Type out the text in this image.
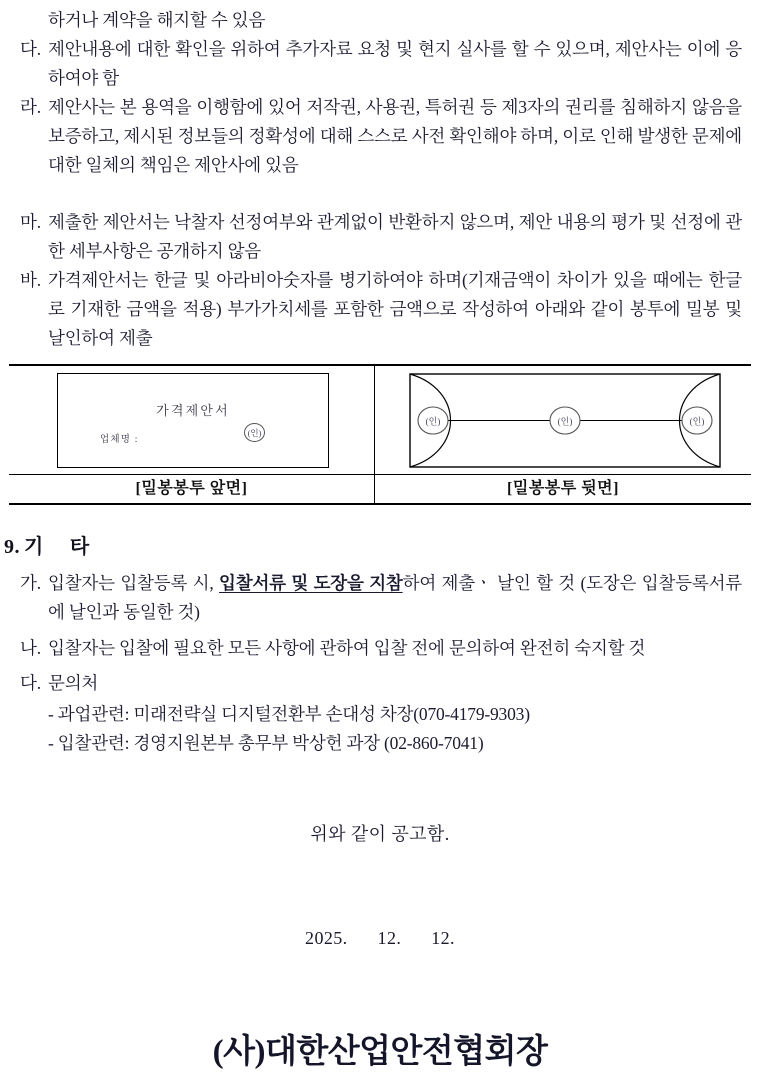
하거나 계약을 해지할 수 있음
다. 제안내용에 대한 확인을 위하여 추가자료 요청 및 현지 실사를 할 수 있으며, 제안사는 이에 응하여야 함
라. 제안사는 본 용역을 이행함에 있어 저작권, 사용권, 특허권 등 제3자의 권리를 침해하지 않음을 보증하고, 제시된 정보들의 정확성에 대해 스스로 사전 확인해야 하며, 이로 인해 발생한 문제에 대한 일체의 책임은 제안사에 있음
마. 제출한 제안서는 낙찰자 선정여부와 관계없이 반환하지 않으며, 제안 내용의 평가 및 선정에 관한 세부사항은 공개하지 않음
바. 가격제안서는 한글 및 아라비아숫자를 병기하여야 하며(기재금액이 차이가 있을 때에는 한글로 기재한 금액을 적용) 부가가치세를 포함한 금액으로 작성하여 아래와 같이 봉투에 밀봉 및 날인하여 제출
가격제안서
업체명 :
(인)
(인)	(인)	(인)
[밀봉봉투 앞면]	[밀봉봉투 뒷면]
9. 기 타
가. 입찰자는 입찰등록 시, 입찰서류 및 도장을 지참하여 제출ㆍ 날인 할 것 (도장은 입찰등록서류에 날인과 동일한 것)
나. 입찰자는 입찰에 필요한 모든 사항에 관하여 입찰 전에 문의하여 완전히 숙지할 것
다. 문의처
- 과업관련: 미래전략실 디지털전환부 손대성 차장(070-4179-9303)
- 입찰관련: 경영지원본부 총무부 박상헌 과장 (02-860-7041)
위와 같이 공고함.
2025. 12. 12.
(사)대한산업안전협회장
